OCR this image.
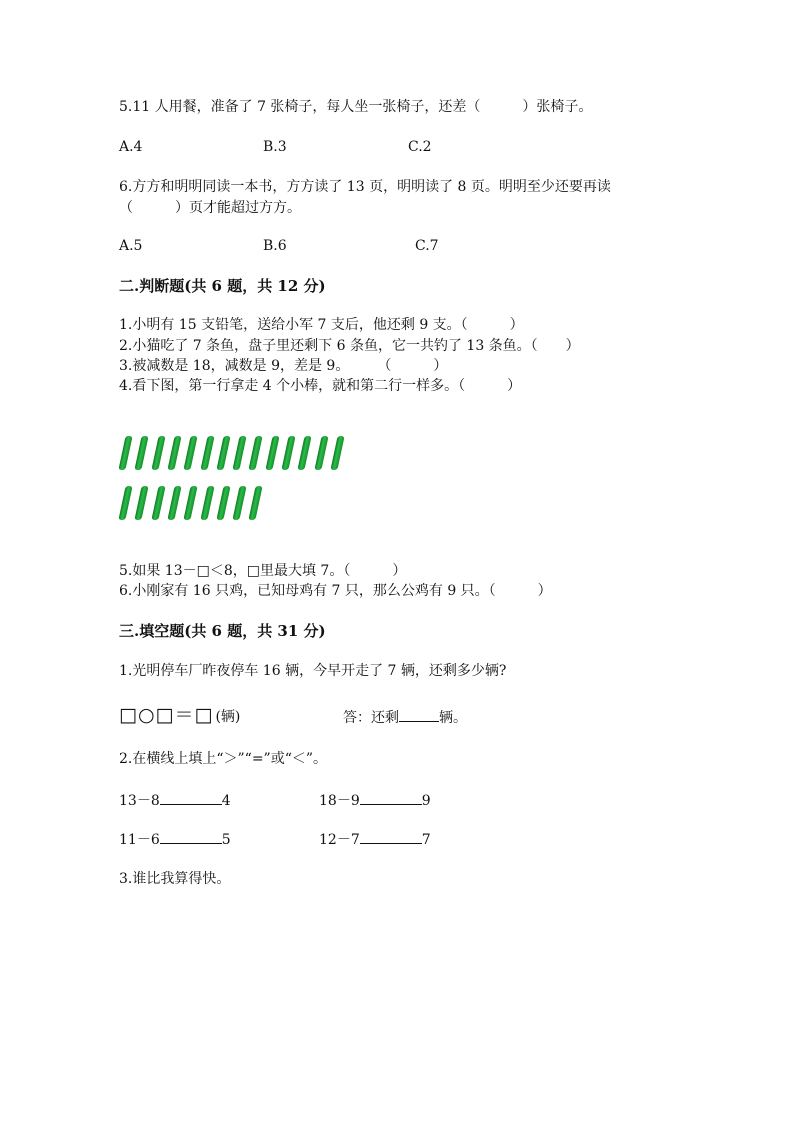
5.11 人用餐，准备了 7 张椅子，每人坐一张椅子，还差（　　　）张椅子。
A.4	B.3	C.2
6.方方和明明同读一本书，方方读了 13 页，明明读了 8 页。明明至少还要再读
（　　　）页才能超过方方。
A.5	B.6	C.7
二.判断题(共 6 题，共 12 分)
1.小明有 15 支铅笔，送给小军 7 支后，他还剩 9 支。（　　　）
2.小猫吃了 7 条鱼，盘子里还剩下 6 条鱼，它一共钓了 13 条鱼。（　　）
3.被减数是 18，减数是 9，差是 9。　　　（　　　）
4.看下图，第一行拿走 4 个小棒，就和第二行一样多。（　　　）
5.如果 13－□＜8，□里最大填 7。（　　　）
6.小刚家有 16 只鸡，已知母鸡有 7 只，那么公鸡有 9 只。（　　　）
三.填空题(共 6 题，共 31 分)
1.光明停车厂昨夜停车 16 辆，今早开走了 7 辆，还剩多少辆?
□○□＝□ (辆)	答：还剩	辆。
2.在横线上填上“＞”“=”或“＜”。
13－8	4	18－9	9
11－6	5	12－7	7
3.谁比我算得快。
